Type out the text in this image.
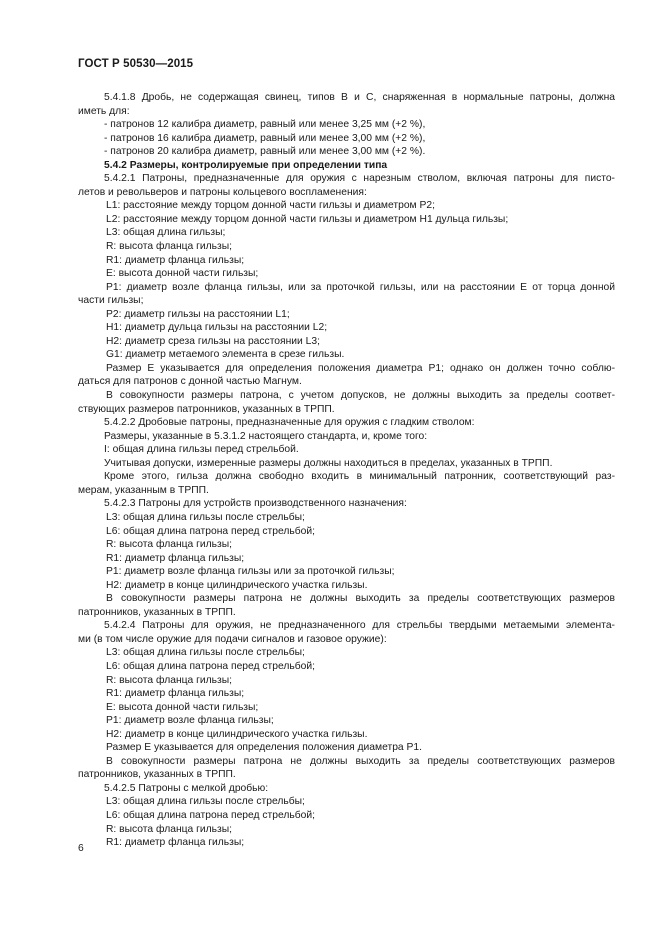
ГОСТ Р 50530—2015
5.4.1.8 Дробь, не содержащая свинец, типов B и C, снаряженная в нормальные патроны, должна
иметь для:
- патронов 12 калибра диаметр, равный или менее 3,25 мм (+2 %),
- патронов 16 калибра диаметр, равный или менее 3,00 мм (+2 %),
- патронов 20 калибра диаметр, равный или менее 3,00 мм (+2 %).
5.4.2 Размеры, контролируемые при определении типа
5.4.2.1 Патроны, предназначенные для оружия с нарезным стволом, включая патроны для писто-
летов и револьверов и патроны кольцевого воспламенения:
L1: расстояние между торцом донной части гильзы и диаметром P2;
L2: расстояние между торцом донной части гильзы и диаметром H1 дульца гильзы;
L3: общая длина гильзы;
R: высота фланца гильзы;
R1: диаметр фланца гильзы;
E: высота донной части гильзы;
P1: диаметр возле фланца гильзы, или за проточкой гильзы, или на расстоянии E от торца донной
части гильзы;
P2: диаметр гильзы на расстоянии L1;
H1: диаметр дульца гильзы на расстоянии L2;
H2: диаметр среза гильзы на расстоянии L3;
G1: диаметр метаемого элемента в срезе гильзы.
Размер E указывается для определения положения диаметра P1; однако он должен точно соблю-
даться для патронов с донной частью Магнум.
В совокупности размеры патрона, с учетом допусков, не должны выходить за пределы соответ-
ствующих размеров патронников, указанных в ТРПП.
5.4.2.2 Дробовые патроны, предназначенные для оружия с гладким стволом:
Размеры, указанные в 5.3.1.2 настоящего стандарта, и, кроме того:
I: общая длина гильзы перед стрельбой.
Учитывая допуски, измеренные размеры должны находиться в пределах, указанных в ТРПП.
Кроме этого, гильза должна свободно входить в минимальный патронник, соответствующий раз-
мерам, указанным в ТРПП.
5.4.2.3 Патроны для устройств производственного назначения:
L3: общая длина гильзы после стрельбы;
L6: общая длина патрона перед стрельбой;
R: высота фланца гильзы;
R1: диаметр фланца гильзы;
P1: диаметр возле фланца гильзы или за проточкой гильзы;
H2: диаметр в конце цилиндрического участка гильзы.
В совокупности размеры патрона не должны выходить за пределы соответствующих размеров
патронников, указанных в ТРПП.
5.4.2.4 Патроны для оружия, не предназначенного для стрельбы твердыми метаемыми элемента-
ми (в том числе оружие для подачи сигналов и газовое оружие):
L3: общая длина гильзы после стрельбы;
L6: общая длина патрона перед стрельбой;
R: высота фланца гильзы;
R1: диаметр фланца гильзы;
E: высота донной части гильзы;
P1: диаметр возле фланца гильзы;
H2: диаметр в конце цилиндрического участка гильзы.
Размер E указывается для определения положения диаметра P1.
В совокупности размеры патрона не должны выходить за пределы соответствующих размеров
патронников, указанных в ТРПП.
5.4.2.5 Патроны с мелкой дробью:
L3: общая длина гильзы после стрельбы;
L6: общая длина патрона перед стрельбой;
R: высота фланца гильзы;
R1: диаметр фланца гильзы;
6
